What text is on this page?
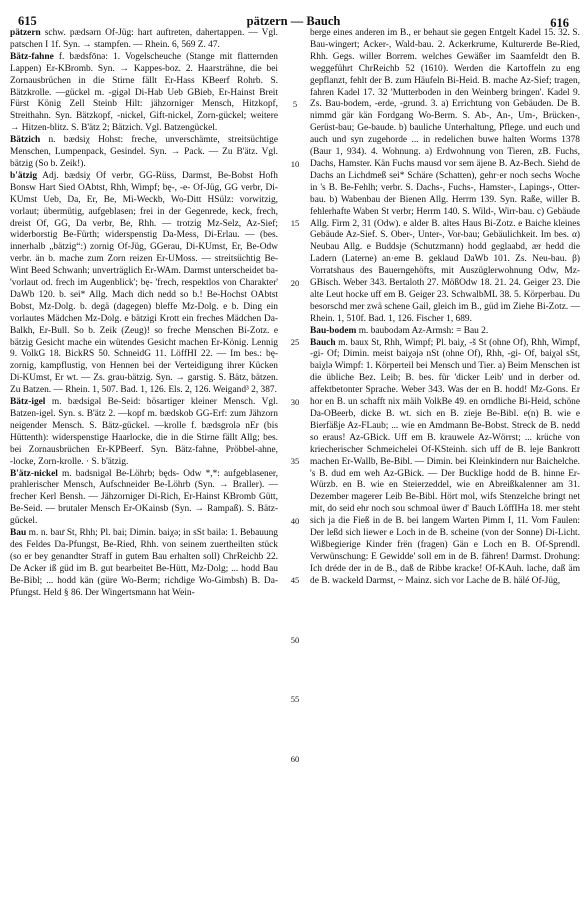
615	pätzern — Bauch	616

pätzern schw. pædsərn Of-Jüg: hart auftreten, dahertappen. — Vgl. patschen I 1f. Syn. → stampfen. — Rhein. 6, 569 Z. 47.

Bätz-fahne f. bædsfōnə: 1. Vogelscheuche (Stange mit flatternden Lappen) Er-KBromb. Syn. → Kappes-boz. 2. Haarsträhne, die bei Zornausbrüchen in die Stirne fällt Er-Hass KBeerf Rohrb. S. Bätzkrolle. —gückel m. ‑gigəl Di-Hab Ueb GBieb, Er-Hainst Breit Fürst König Zell Steinb Hilt: jähzorniger Mensch, Hitzkopf, Streithahn. Syn. Bätzkopf, ‑nickel, Gift-nickel, Zorn-gückel; weitere → Hitzen-blitz. S. B'ätz 2; Bätzich. Vgl. Batzengückel.

Bätzich n. bædsiχ Hohst: freche, unverschämte, streitsüchtige Menschen, Lumpenpack, Gesindel. Syn. → Pack. — Zu B'ätz. Vgl. bätzig (So b. Zeik!).

b'ätzig Adj. bædsiχ Of verbr, GG-Rüss, Darmst, Be-Bobst Hofh Bonsw Hart Sied OAbtst, Rhh, Wimpf; bę-, ‑e- Of-Jüg, GG verbr, Di-KUmst Ueb, Da, Er, Be, Mi-Weckb, Wo-Ditt HSülz: vorwitzig, vorlaut; übermütig, aufgeblasen; frei in der Gegenrede, keck, frech, dreist Of, GG, Da verbr, Be, Rhh. — trotzig Mz-Selz, Az-Sief; widerborstig Be-Fürth; widerspenstig Da-Mess, Di-Erlau. — (bes. innerhalb „bätzig“:) zornig Of-Jüg, GGerau, Di-KUmst, Er, Be-Odw verbr. än b. mache zum Zorn reizen Er-UMoss. — streitsüchtig Be-Wint Beed Schwanh; unverträglich Er-WAm. Darmst unterscheidet ba-'vorlaut od. frech im Augenblick'; bę- 'frech, respektlos von Charakter' DaWb 120. b. sei* Allg. Mach dich nedd so b.! Be-Hochst OAbtst Bobst, Mz-Dolg. b. degä (dagegen) bleffe Mz-Dolg. e b. Ding ein vorlautes Mädchen Mz-Dolg. e bätzigi Krott ein freches Mädchen Da-Balkh, Er-Bull. So b. Zeik (Zeug)! so freche Menschen Bi-Zotz. e bätzig Gesicht mache ein wütendes Gesicht machen Er-König. Lennig 9. VolkG 18. BickRS 50. SchneidG 11. LöffHI 22. — Im bes.: bę- zornig, kampflustig, von Hennen bei der Verteidigung ihrer Kücken Di-KUmst, Er wt. — Zs. grau-bätzig. Syn. → garstig. S. Bätz, bätzen. Zu Batzen. — Rhein. 1, 507. Bad. 1, 126. Els. 2, 126. Weigand³ 2, 387.

Bätz-igel m. bædsigəl Be-Seid: bösartiger kleiner Mensch. Vgl. Batzen-igel. Syn. s. B'ätz 2. —kopf m. bædskob GG-Erf: zum Jähzorn neigender Mensch. S. Bätz-gückel. —krolle f. bædsgrolə nEr (bis Hüttenth): widerspenstige Haarlocke, die in die Stirne fällt Allg; bes. bei Zornausbrüchen Er-KPBeerf. Syn. Bätz-fahne, Pröbbel-ahne, ‑locke, Zorn-krolle. · S. b'ätzig.

B'ätz-nickel m. badsnigəl Be-Löhrb; będs- Odw *,*: aufgeblasener, prahlerischer Mensch, Aufschneider Be-Löhrb (Syn. → Braller). — frecher Kerl Bensh. — Jähzorniger Di-Rich, Er-Hainst KBromb Gütt, Be-Seid. — brutaler Mensch Er-OKainsb (Syn. → Rampaß). S. Bätz-gückel.

Bau m. n. baư St, Rhh; Pl. bai; Dimin. baiχə; in sSt bailə: 1. Bebauung des Feldes Da-Pfungst, Be-Ried, Rhh. von seinem zuertheilten stück (so er bey genandter Straff in gutem Bau erhalten soll) ChrReichb 22. De Acker iß güd im B. gut bearbeitet Be-Hütt, Mz-Dolg; ... hodd Bau Be-Bibl; ... hodd kän (güre Wo-Berm; richdige Wo-Gimbsh) B. Da-Pfungst. Held § 86. Der Wingertsmann hat Wein-

5
10
15
20
25
30
35
40
45
50
55
60

berge eines anderen im B., er behaut sie gegen Entgelt Kadel 15. 32. S. Bau-wingert; Acker-, Wald-bau. 2. Ackerkrume, Kulturerde Be-Ried, Rhh. Gegs. willer Borrem. welches Gewäßer im Saamfeldt den B. weggeführt ChrReichb 52 (1610). Werden die Kartoffeln zu eng gepflanzt, fehlt der B. zum Häufeln Bi-Heid. B. mache Az-Sief; tragen, fahren Kadel 17. 32 'Mutterboden in den Weinberg bringen'. Kadel 9. Zs. Bau-bodem, ‑erde, ‑grund. 3. a) Errichtung von Gebäuden. De B. nimmd gär kän Fordgang Wo-Berm. S. Ab-, An-, Um-, Brücken-, Gerüst-bau; Ge-baude. b) bauliche Unterhaltung, Pflege. und euch und auch und syn zugehorde ... in redelichen buwe halten Worms 1378 (Baur 1, 934). 4. Wohnung. a) Erdwohnung von Tieren, zB. Fuchs, Dachs, Hamster. Kän Fuchs mausd vor sem äjene B. Az-Bech. Siehd de Dachs an Lichdmeß sei* Schäre (Schatten), gehr·er noch sechs Woche in 's B. Be-Fehlh; verbr. S. Dachs-, Fuchs-, Hamster-, Lapings-, Otter-bau. b) Wabenbau der Bienen Allg. Herrm 139. Syn. Raße, willer B. fehlerhafte Waben St verbr; Herrm 140. S. Wild-, Wirr-bau. c) Gebäude Allg. Firm 2, 31 (Odw). e alder B. altes Haus Bi-Zotz. e Baiche kleines Gebäude Az-Sief. S. Ober-, Unter-, Vor-bau; Gebäulichkeit. Im bes. α) Neubau Allg. e Buddsje (Schutzmann) hodd geglaabd, ær hedd die Ladern (Laterne) an·eme B. geklaud DaWb 101. Zs. Neu-bau. β) Vorratshaus des Bauerngehöfts, mit Auszüglerwohnung Odw, Mz-GBisch. Weber 343. Bertaloth 27. MößOdw 18. 21. 24. Geiger 23. Die alte Leut hocke uff em B. Geiger 23. SchwalbML 38. 5. Körperbau. Du besorschd mer zwä schene Gail, gleich im B., güd im Ziehe Bi-Zotz. — Rhein. 1, 510f. Bad. 1, 126. Fischer 1, 689.

Bau-bodem m. baubodəm Az-Armsh: = Bau 2.

Bauch m. baux St, Rhh, Wimpf; Pl. baiχ, ‑š St (ohne Of), Rhh, Wimpf, ‑gi- Of; Dimin. meist baiχəjə nSt (ohne Of), Rhh, ‑gi- Of, baiχəl sSt, baiχlə Wimpf: 1. Körperteil bei Mensch und Tier. a) Beim Menschen ist die übliche Bez. Leib; B. bes. für 'dicker Leib' und in derber od. affektbetonter Sprache. Weber 343. Was der en B. hodd! Mz-Gons. Er hor en B. un schafft nix mäih VolkBe 49. en orndliche Bi-Heid, schöne Da-OBeerb, dicke B. wt. sich en B. zieje Be-Bibl. e(n) B. wie e Bierfäßje Az-FLaub; ... wie en Amdmann Be-Bobst. Streck de B. nedd so eraus! Az-GBick. Uff em B. krauwele Az-Wörrst; ... krüche von kriecherischer Schmeichelei Of-KSteinh. sich uff de B. leje Bankrott machen Er-Wallb, Be-Bibl. — Dimin. bei Kleinkindern nur Baichelche. 's B. dud em weh Az-GBick. — Der Bucklige hodd de B. hinne Er-Würzb. en B. wie en Steierzeddel, wie en Abreißkalenner am 31. Dezember magerer Leib Be-Bibl. Hört mol, wifs Stenzelche bringt net mit, do seid ehr noch sou schmoal üwer d' Bauch LöffIHa 18. mer steht sich ja die Fieß in de B. bei langem Warten Pimm I, 11. Vom Faulen: Der leßd sich liewer e Loch in de B. scheine (von der Sonne) Di-Licht. Wißbegierige Kinder frën (fragen) Gän e Loch en B. Of-Sprendl. Verwünschung: E Gewidde' soll em in de B. fähren! Darmst. Drohung: Ich dréde der in de B., daß de Ribbe kracke! Of-KAuh. lache, daß äm de B. wackeld Darmst, ~ Mainz. sich vor Lache de B. hälé Of-Jüg,
